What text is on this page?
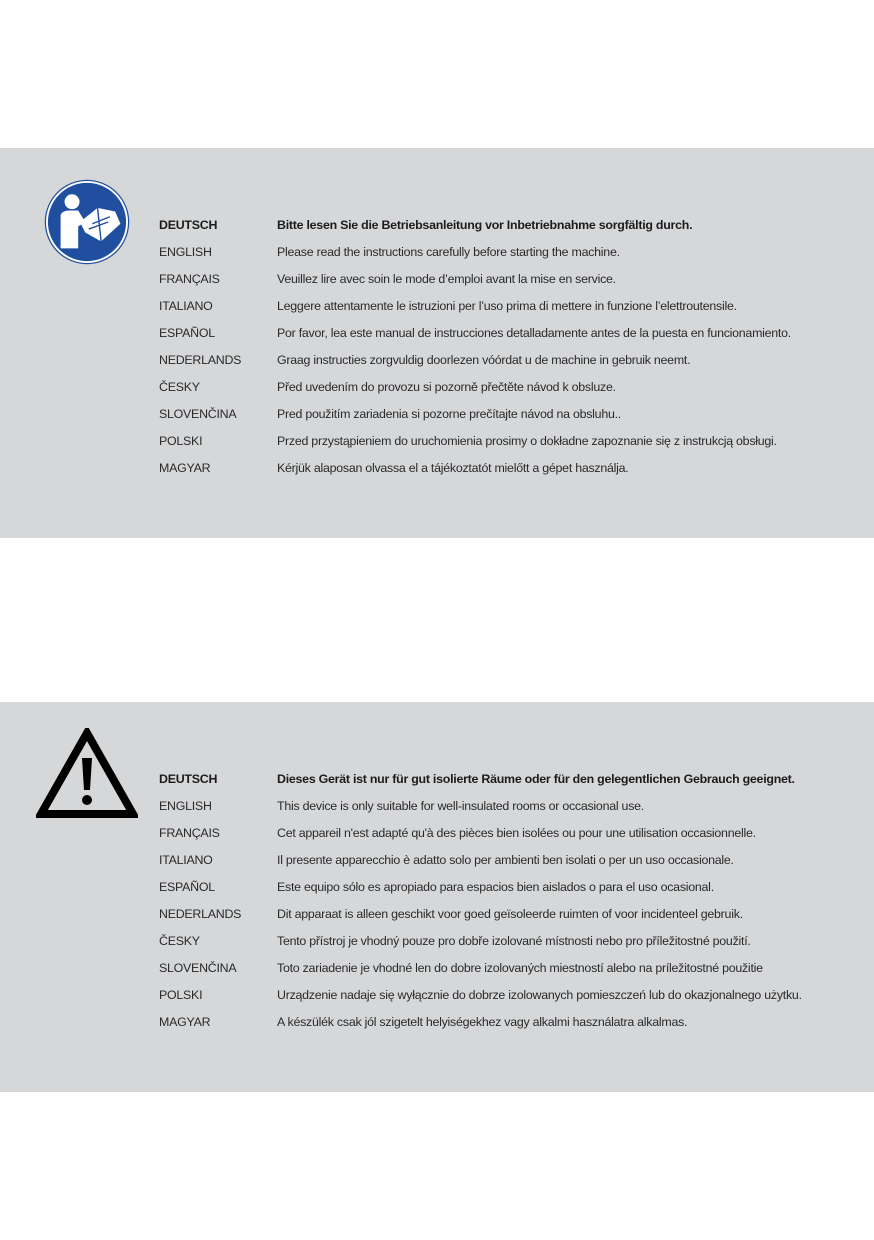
DEUTSCH	Bitte lesen Sie die Betriebsanleitung vor Inbetriebnahme sorgfältig durch.
ENGLISH	Please read the instructions carefully before starting the machine.
FRANÇAIS	Veuillez lire avec soin le mode d’emploi avant la mise en service.
ITALIANO	Leggere attentamente le istruzioni per l’uso prima di mettere in funzione l’elettroutensile.
ESPAÑOL	Por favor, lea este manual de instrucciones detalladamente antes de la puesta en funcionamiento.
NEDERLANDS	Graag instructies zorgvuldig doorlezen vóórdat u de machine in gebruik neemt.
ČESKY	Před uvedením do provozu si pozorně přečtěte návod k obsluze.
SLOVENČINA	Pred použitím zariadenia si pozorne prečítajte návod na obsluhu..
POLSKI	Przed przystąpieniem do uruchomienia prosimy o dokładne zapoznanie się z instrukcją obsługi.
MAGYAR	Kérjük alaposan olvassa el a tájékoztatót mielőtt a gépet használja.
DEUTSCH	Dieses Gerät ist nur für gut isolierte Räume oder für den gelegentlichen Gebrauch geeignet.
ENGLISH	This device is only suitable for well-insulated rooms or occasional use.
FRANÇAIS	Cet appareil n'est adapté qu'à des pièces bien isolées ou pour une utilisation occasionnelle.
ITALIANO	Il presente apparecchio è adatto solo per ambienti ben isolati o per un uso occasionale.
ESPAÑOL	Este equipo sólo es apropiado para espacios bien aislados o para el uso ocasional.
NEDERLANDS	Dit apparaat is alleen geschikt voor goed geïsoleerde ruimten of voor incidenteel gebruik.
ČESKY	Tento přístroj je vhodný pouze pro dobře izolované místnosti nebo pro příležitostné použití.
SLOVENČINA	Toto zariadenie je vhodné len do dobre izolovaných miestností alebo na príležitostné použitie
POLSKI	Urządzenie nadaje się wyłącznie do dobrze izolowanych pomieszczeń lub do okazjonalnego użytku.
MAGYAR	A készülék csak jól szigetelt helyiségekhez vagy alkalmi használatra alkalmas.
